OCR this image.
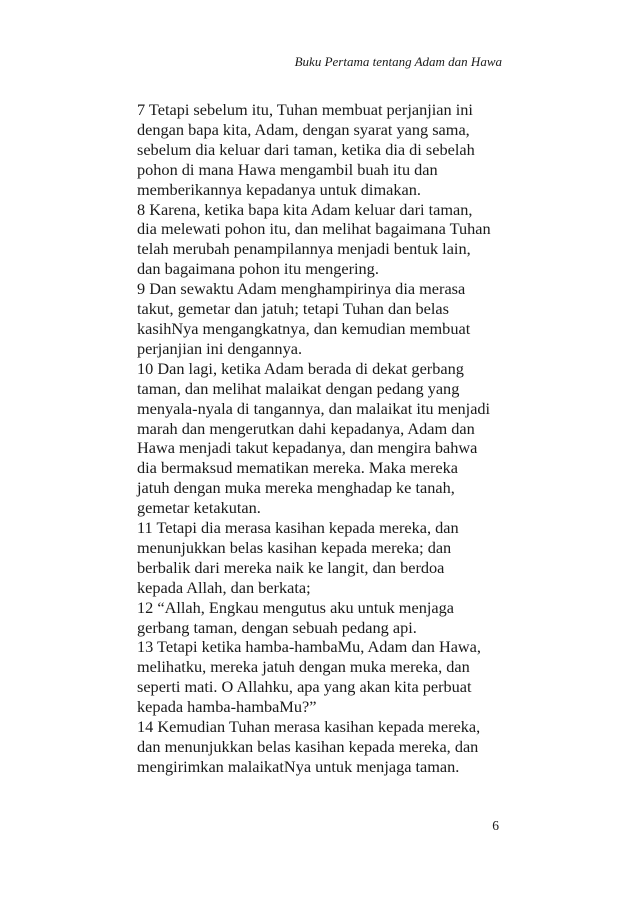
Buku Pertama tentang Adam dan Hawa
7 Tetapi sebelum itu, Tuhan membuat perjanjian ini
dengan bapa kita, Adam, dengan syarat yang sama,
sebelum dia keluar dari taman, ketika dia di sebelah
pohon di mana Hawa mengambil buah itu dan
memberikannya kepadanya untuk dimakan.
8 Karena, ketika bapa kita Adam keluar dari taman,
dia melewati pohon itu, dan melihat bagaimana Tuhan
telah merubah penampilannya menjadi bentuk lain,
dan bagaimana pohon itu mengering.
9 Dan sewaktu Adam menghampirinya dia merasa
takut, gemetar dan jatuh; tetapi Tuhan dan belas
kasihNya mengangkatnya, dan kemudian membuat
perjanjian ini dengannya.
10 Dan lagi, ketika Adam berada di dekat gerbang
taman, dan melihat malaikat dengan pedang yang
menyala-nyala di tangannya, dan malaikat itu menjadi
marah dan mengerutkan dahi kepadanya, Adam dan
Hawa menjadi takut kepadanya, dan mengira bahwa
dia bermaksud mematikan mereka. Maka mereka
jatuh dengan muka mereka menghadap ke tanah,
gemetar ketakutan.
11 Tetapi dia merasa kasihan kepada mereka, dan
menunjukkan belas kasihan kepada mereka; dan
berbalik dari mereka naik ke langit, dan berdoa
kepada Allah, dan berkata;
12 “Allah, Engkau mengutus aku untuk menjaga
gerbang taman, dengan sebuah pedang api.
13 Tetapi ketika hamba-hambaMu, Adam dan Hawa,
melihatku, mereka jatuh dengan muka mereka, dan
seperti mati. O Allahku, apa yang akan kita perbuat
kepada hamba-hambaMu?”
14 Kemudian Tuhan merasa kasihan kepada mereka,
dan menunjukkan belas kasihan kepada mereka, dan
mengirimkan malaikatNya untuk menjaga taman.
6
